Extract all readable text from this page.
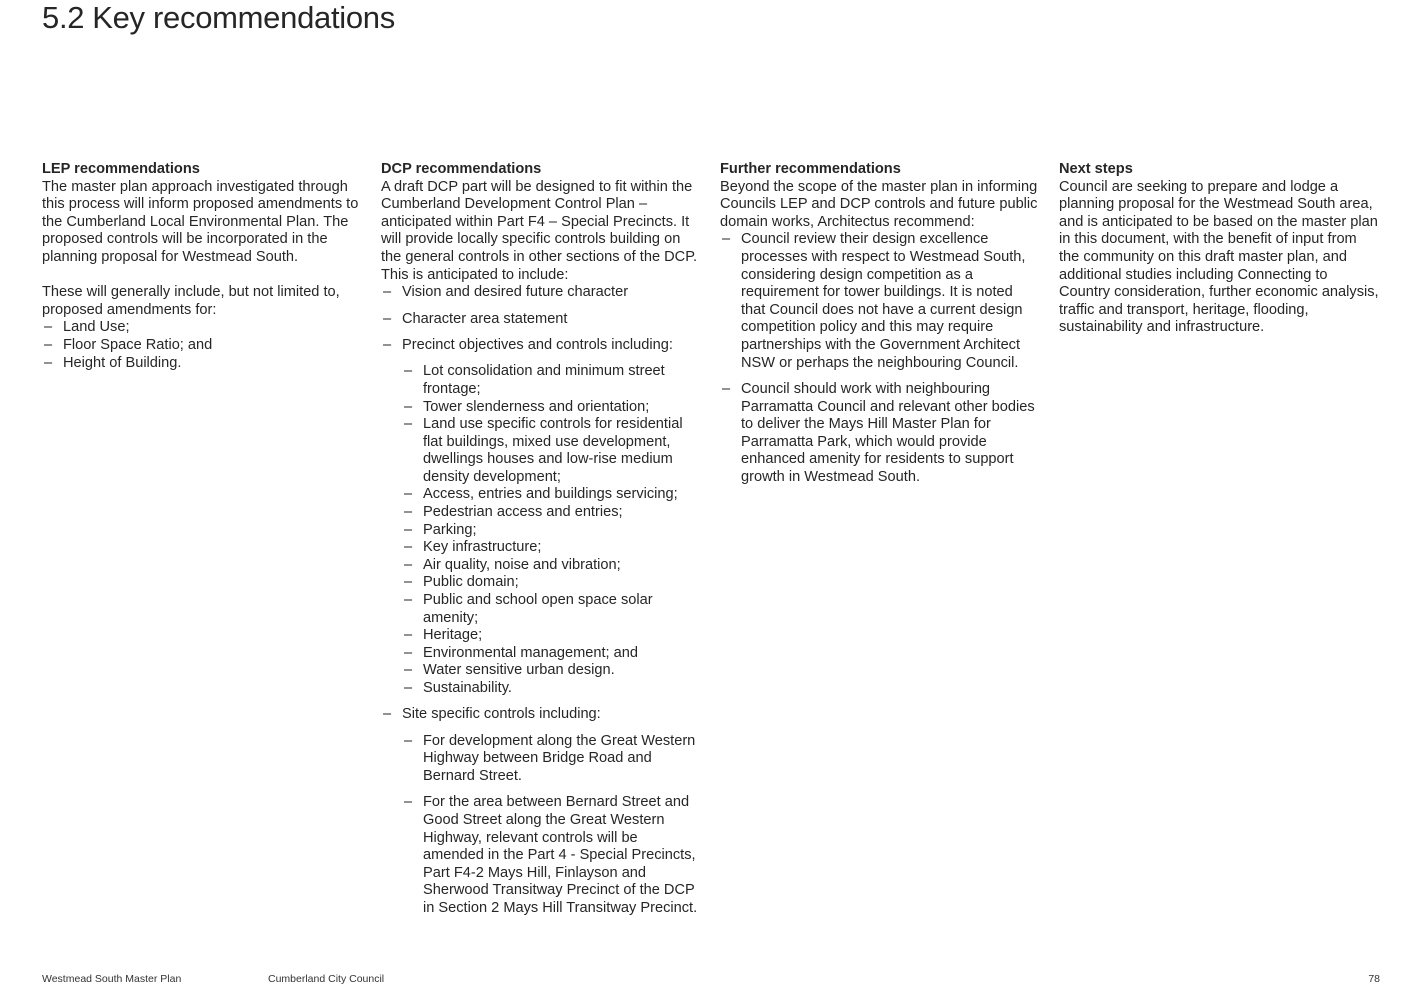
5.2 Key recommendations

LEP recommendations

The master plan approach investigated through this process will inform proposed amendments to the Cumberland Local Environmental Plan. The proposed controls will be incorporated in the planning proposal for Westmead South.

These will generally include, but not limited to, proposed amendments for:

– Land Use;
– Floor Space Ratio; and
– Height of Building.

DCP recommendations

A draft DCP part will be designed to fit within the Cumberland Development Control Plan – anticipated within Part F4 – Special Precincts. It will provide locally specific controls building on the general controls in other sections of the DCP. This is anticipated to include:

– Vision and desired future character
– Character area statement
– Precinct objectives and controls including:
– Lot consolidation and minimum street frontage;
– Tower slenderness and orientation;
– Land use specific controls for residential flat buildings, mixed use development, dwellings houses and low-rise medium density development;
– Access, entries and buildings servicing;
– Pedestrian access and entries;
– Parking;
– Key infrastructure;
– Air quality, noise and vibration;
– Public domain;
– Public and school open space solar amenity;
– Heritage;
– Environmental management; and
– Water sensitive urban design.
– Sustainability.
– Site specific controls including:
– For development along the Great Western Highway between Bridge Road and Bernard Street.
– For the area between Bernard Street and Good Street along the Great Western Highway, relevant controls will be amended in the Part 4 - Special Precincts, Part F4-2 Mays Hill, Finlayson and Sherwood Transitway Precinct of the DCP in Section 2 Mays Hill Transitway Precinct.

Further recommendations

Beyond the scope of the master plan in informing Councils LEP and DCP controls and future public domain works, Architectus recommend:

– Council review their design excellence processes with respect to Westmead South, considering design competition as a requirement for tower buildings. It is noted that Council does not have a current design competition policy and this may require partnerships with the Government Architect NSW or perhaps the neighbouring Council.
– Council should work with neighbouring Parramatta Council and relevant other bodies to deliver the Mays Hill Master Plan for Parramatta Park, which would provide enhanced amenity for residents to support growth in Westmead South.

Next steps

Council are seeking to prepare and lodge a planning proposal for the Westmead South area, and is anticipated to be based on the master plan in this document, with the benefit of input from the community on this draft master plan, and additional studies including Connecting to Country consideration, further economic analysis, traffic and transport, heritage, flooding, sustainability and infrastructure.

Westmead South Master Plan	Cumberland City Council	78
